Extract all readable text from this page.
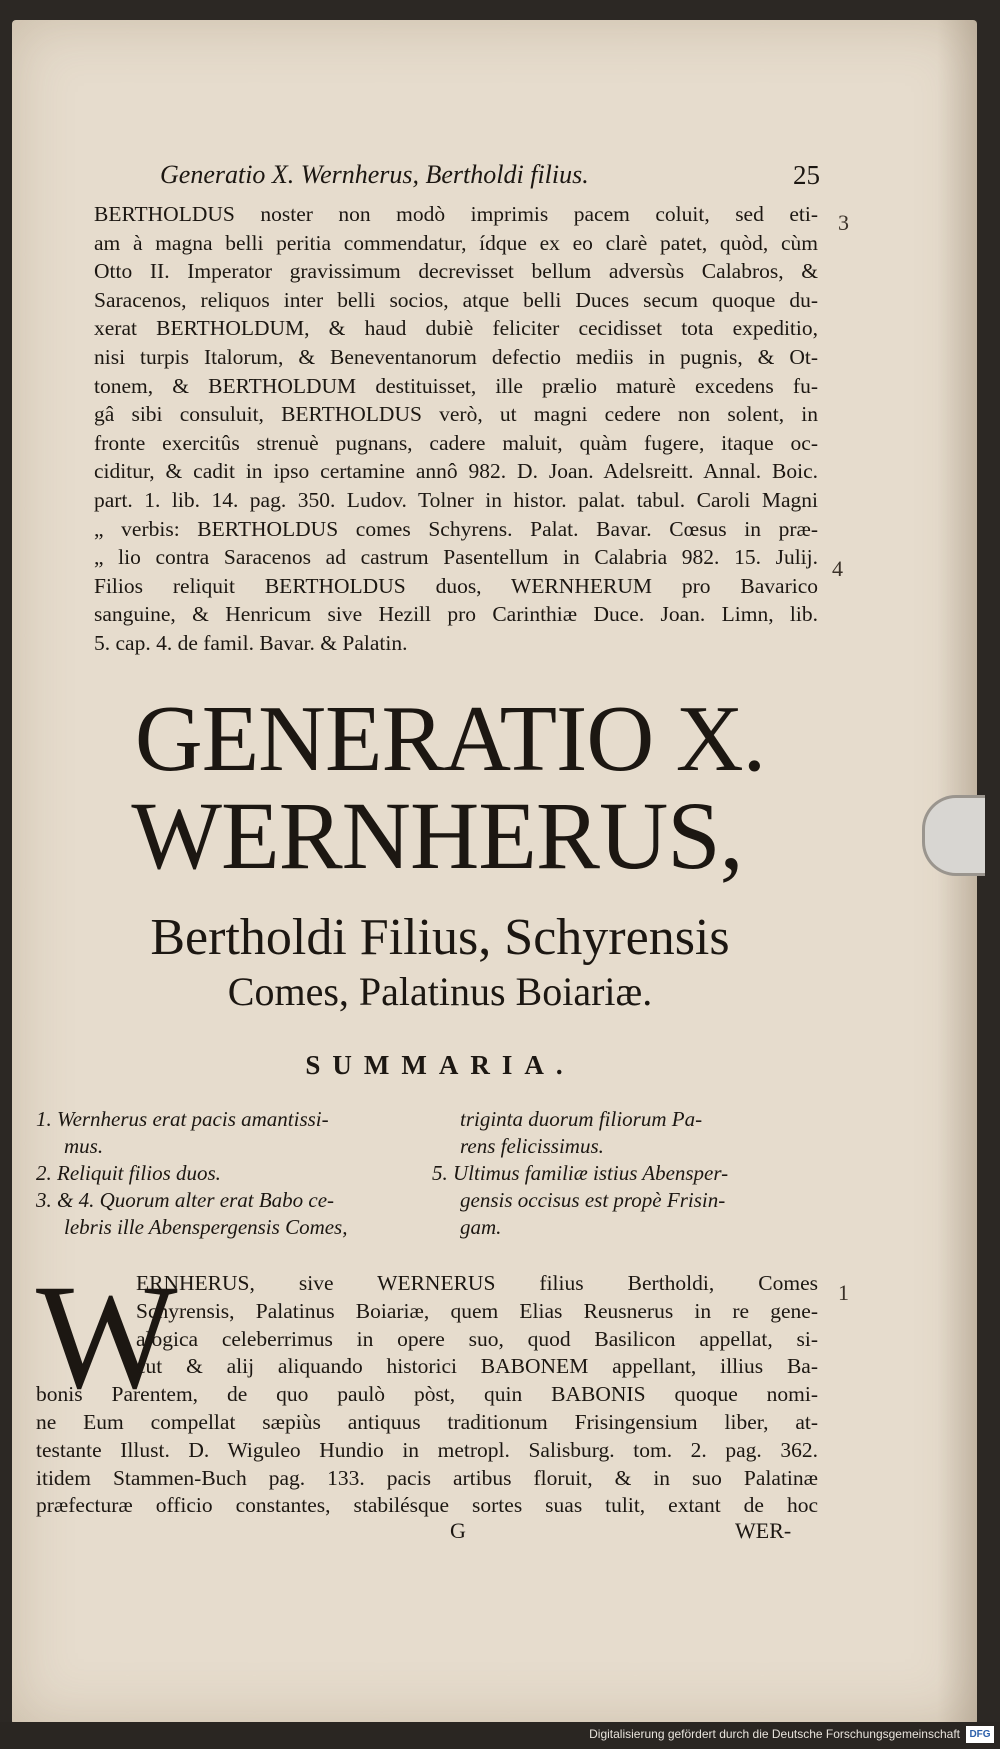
Generatio X. Wernherus, Bertholdi filius.	25
3
4
1
BERTHOLDUS noster non modò imprimis pacem coluit, sed eti-
am à magna belli peritia commendatur, ídque ex eo clarè patet, quòd, cùm
Otto II. Imperator gravissimum decrevisset bellum adversùs Calabros, &
Saracenos, reliquos inter belli socios, atque belli Duces secum quoque du-
xerat BERTHOLDUM, & haud dubiè feliciter cecidisset tota expeditio,
nisi turpis Italorum, & Beneventanorum defectio mediis in pugnis, & Ot-
tonem, & BERTHOLDUM destituisset, ille prælio maturè excedens fu-
gâ sibi consuluit, BERTHOLDUS verò, ut magni cedere non solent, in
fronte exercitûs strenuè pugnans, cadere maluit, quàm fugere, itaque oc-
ciditur, & cadit in ipso certamine annô 982. D. Joan. Adelsreitt. Annal. Boic.
part. 1. lib. 14. pag. 350. Ludov. Tolner in histor. palat. tabul. Caroli Magni
„ verbis: BERTHOLDUS comes Schyrens. Palat. Bavar. Cœsus in præ-
„ lio contra Saracenos ad castrum Pasentellum in Calabria 982. 15. Julij.
Filios reliquit BERTHOLDUS duos, WERNHERUM pro Bavarico
sanguine, & Henricum sive Hezill pro Carinthiæ Duce. Joan. Limn, lib.
5. cap. 4. de famil. Bavar. & Palatin.
GENERATIO X.
WERNHERUS,
Bertholdi Filius, Schyrensis
Comes, Palatinus Boiariæ.
SUMMARIA.
1. Wernherus erat pacis amantissi-
mus.
2. Reliquit filios duos.
3. & 4. Quorum alter erat Babo ce-
lebris ille Abenspergensis Comes,
triginta duorum filiorum Pa-
rens felicissimus.
5. Ultimus familiæ istius Abensper-
gensis occisus est propè Frisin-
gam.
W
ERNHERUS, sive WERNERUS filius Bertholdi, Comes
Schyrensis, Palatinus Boiariæ, quem Elias Reusnerus in re gene-
alogica celeberrimus in opere suo, quod Basilicon appellat, si-
cut & alij aliquando historici BABONEM appellant, illius Ba-
bonis Parentem, de quo paulò pòst, quin BABONIS quoque nomi-
ne Eum compellat sæpiùs antiquus traditionum Frisingensium liber, at-
testante Illust. D. Wiguleo Hundio in metropl. Salisburg. tom. 2. pag. 362.
itidem Stammen-Buch pag. 133. pacis artibus floruit, & in suo Palatinæ
præfecturæ officio constantes, stabilésque sortes suas tulit, extant de hoc
G	WER-
Digitalisierung gefördert durch die Deutsche Forschungsgemeinschaft DFG
